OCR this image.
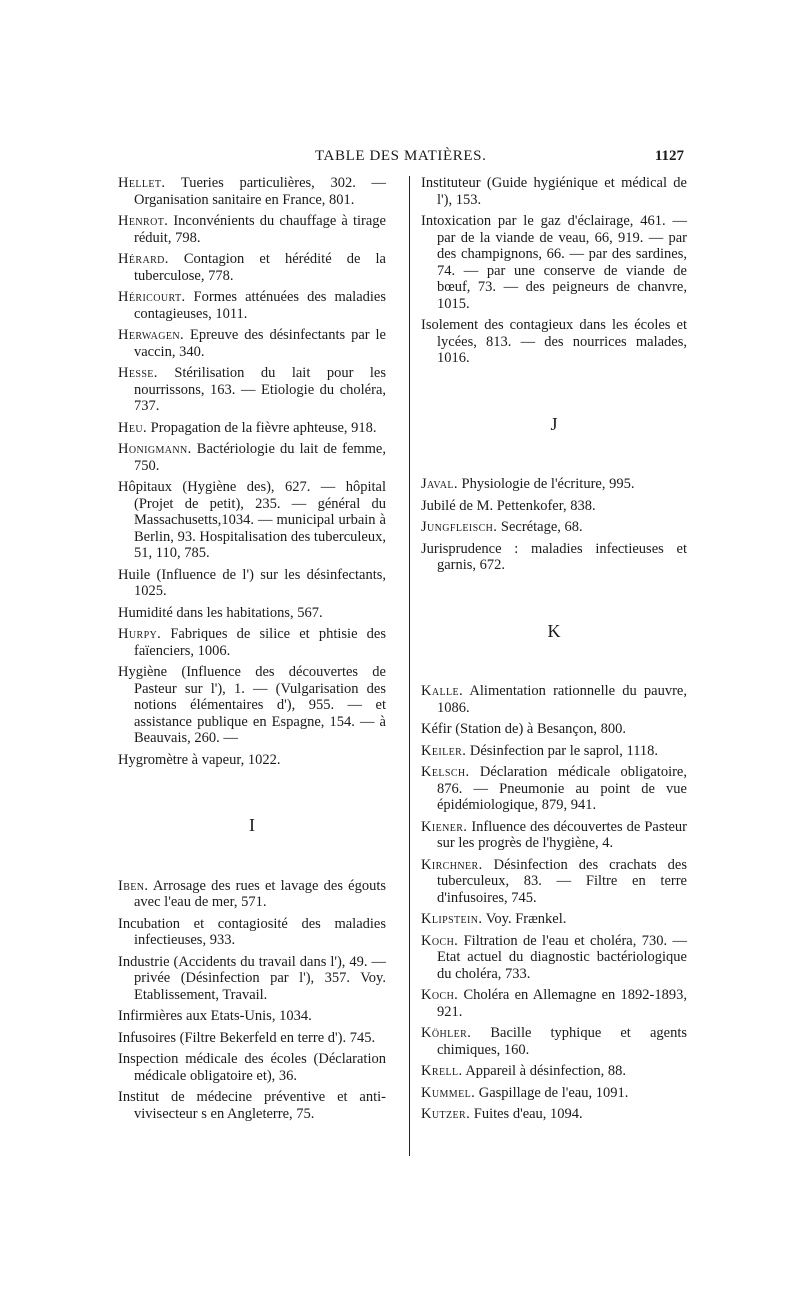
TABLE DES MATIÈRES.	1127

Hellet. Tueries particulières, 302. — Organisation sanitaire en France, 801.

Henrot. Inconvénients du chauffage à tirage réduit, 798.

Hérard. Contagion et hérédité de la tuberculose, 778.

Héricourt. Formes atténuées des maladies contagieuses, 1011.

Herwagen. Epreuve des désinfectants par le vaccin, 340.

Hesse. Stérilisation du lait pour les nourrissons, 163. — Etiologie du choléra, 737.

Heu. Propagation de la fièvre aphteuse, 918.

Honigmann. Bactériologie du lait de femme, 750.

Hôpitaux (Hygiène des), 627. — hôpital (Projet de petit), 235. — général du Massachusetts,1034. — municipal urbain à Berlin, 93. Hospitalisation des tuberculeux, 51, 110, 785.

Huile (Influence de l') sur les désinfectants, 1025.

Humidité dans les habitations, 567.

Hurpy. Fabriques de silice et phtisie des faïenciers, 1006.

Hygiène (Influence des découvertes de Pasteur sur l'), 1. — (Vulgarisation des notions élémentaires d'), 955. — et assistance publique en Espagne, 154. — à Beauvais, 260. —

Hygromètre à vapeur, 1022.

I

Iben. Arrosage des rues et lavage des égouts avec l'eau de mer, 571.

Incubation et contagiosité des maladies infectieuses, 933.

Industrie (Accidents du travail dans l'), 49. — privée (Désinfection par l'), 357. Voy. Etablissement, Travail.

Infirmières aux Etats-Unis, 1034.

Infusoires (Filtre Bekerfeld en terre d'). 745.

Inspection médicale des écoles (Déclaration médicale obligatoire et), 36.

Institut de médecine préventive et anti-vivisecteur s en Angleterre, 75.

Instituteur (Guide hygiénique et médical de l'), 153.

Intoxication par le gaz d'éclairage, 461. — par de la viande de veau, 66, 919. — par des champignons, 66. — par des sardines, 74. — par une conserve de viande de bœuf, 73. — des peigneurs de chanvre, 1015.

Isolement des contagieux dans les écoles et lycées, 813. — des nourrices malades, 1016.

J

Javal. Physiologie de l'écriture, 995.

Jubilé de M. Pettenkofer, 838.

Jungfleisch. Secrétage, 68.

Jurisprudence : maladies infectieuses et garnis, 672.

K

Kalle. Alimentation rationnelle du pauvre, 1086.

Kéfir (Station de) à Besançon, 800.

Keiler. Désinfection par le saprol, 1118.

Kelsch. Déclaration médicale obligatoire, 876. — Pneumonie au point de vue épidémiologique, 879, 941.

Kiener. Influence des découvertes de Pasteur sur les progrès de l'hygiène, 4.

Kirchner. Désinfection des crachats des tuberculeux, 83. — Filtre en terre d'infusoires, 745.

Klipstein. Voy. Frænkel.

Koch. Filtration de l'eau et choléra, 730. — Etat actuel du diagnostic bactériologique du choléra, 733.

Koch. Choléra en Allemagne en 1892-1893, 921.

Köhler. Bacille typhique et agents chimiques, 160.

Krell. Appareil à désinfection, 88.

Kummel. Gaspillage de l'eau, 1091.

Kutzer. Fuites d'eau, 1094.
